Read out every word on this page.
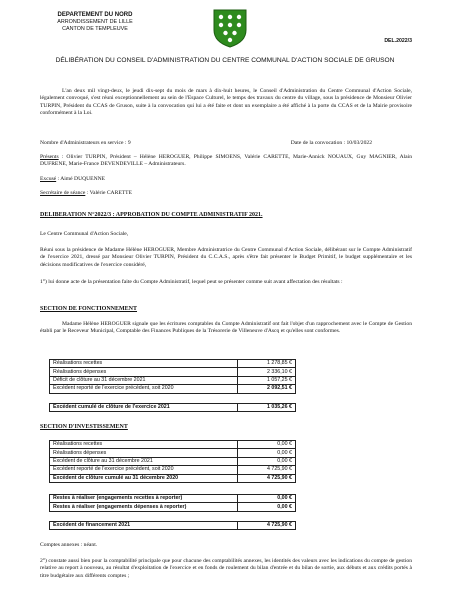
DEPARTEMENT DU NORD
ARRONDISSEMENT DE LILLE
CANTON DE TEMPLEUVE
DEL.2022/3
DÉLIBÉRATION DU CONSEIL D'ADMINISTRATION DU CENTRE COMMUNAL D'ACTION SOCIALE DE GRUSON
L'an deux mil vingt-deux, le jeudi dix-sept du mois de mars à dix-huit heures, le Conseil d'Administration du Centre Communal d'Action Sociale, légalement convoqué, s'est réuni exceptionnellement au sein de l'Espace Culturel, le temps des travaux du centre du village, sous la présidence de Monsieur Olivier TURPIN, Président du CCAS de Gruson, suite à la convocation qui lui a été faite et dont un exemplaire a été affiché à la porte du CCAS et de la Mairie provisoire conformément à la Loi.
Nombre d'Administrateurs en service : 9	Date de la convocation : 10/03/2022
Présents : Olivier TURPIN, Président – Hélène HEROGUER, Philippe SIMOENS, Valérie CARETTE, Marie-Annick NOUAUX, Guy MAGNIER, Alain DUFRENE, Marie-France DEVENDEVILLE – Administrateurs.
Excusé : Aimé DUQUENNE
Secrétaire de séance : Valérie CARETTE
DELIBERATION N°2022/3 : APPROBATION DU COMPTE ADMINISTRATIF 2021.
Le Centre Communal d'Action Sociale,
Réuni sous la présidence de Madame Hélène HEROGUER, Membre Administratrice du Centre Communal d'Action Sociale, délibérant sur le Compte Administratif de l'exercice 2021, dressé par Monsieur Olivier TURPIN, Président du C.C.A.S., après s'être fait présenter le Budget Primitif, le budget supplémentaire et les décisions modificatives de l'exercice considéré,
1°) lui donne acte de la présentation faite du Compte Administratif, lequel peut se présenter comme suit avant affectation des résultats :
SECTION DE FONCTIONNEMENT
Madame Hélène HEROGUER signale que les écritures comptables du Compte Administratif ont fait l'objet d'un rapprochement avec le Compte de Gestion établi par le Receveur Municipal, Comptable des Finances Publiques de la Trésorerie de Villeneuve d'Ascq et qu'elles sont conformes.
Réalisations recettes	1 278,85 €
Réalisations dépenses	2 336,10 €
Déficit de clôture au 31 décembre 2021	1 057,25 €
Excédent reporté de l'exercice précédent, soit 2020	2 092,51 €
Excédent cumulé de clôture de l'exercice 2021	1 035,26 €
SECTION D'INVESTISSEMENT
Réalisations recettes	0,00 €
Réalisations dépenses	0,00 €
Excédent de clôture au 31 décembre 2021	0,00 €
Excédent reporté de l'exercice précédent, soit 2020	4 725,90 €
Excédent de clôture cumulé au 31 décembre 2020	4 725,90 €
Restes à réaliser (engagements recettes à reporter)	0,00 €
Restes à réaliser (engagements dépenses à reporter)	0,00 €
Excédent de financement 2021	4 725,90 €
Comptes annexes : néant.
2°) constate aussi bien pour la comptabilité principale que pour chacune des comptabilités annexes, les identités des valeurs avec les indications du compte de gestion relative au report à nouveau, au résultat d'exploitation de l'exercice et en fonds de roulement du bilan d'entrée et du bilan de sortie, aux débuts et aux crédits portés à titre budgétaire aux différents comptes ;
